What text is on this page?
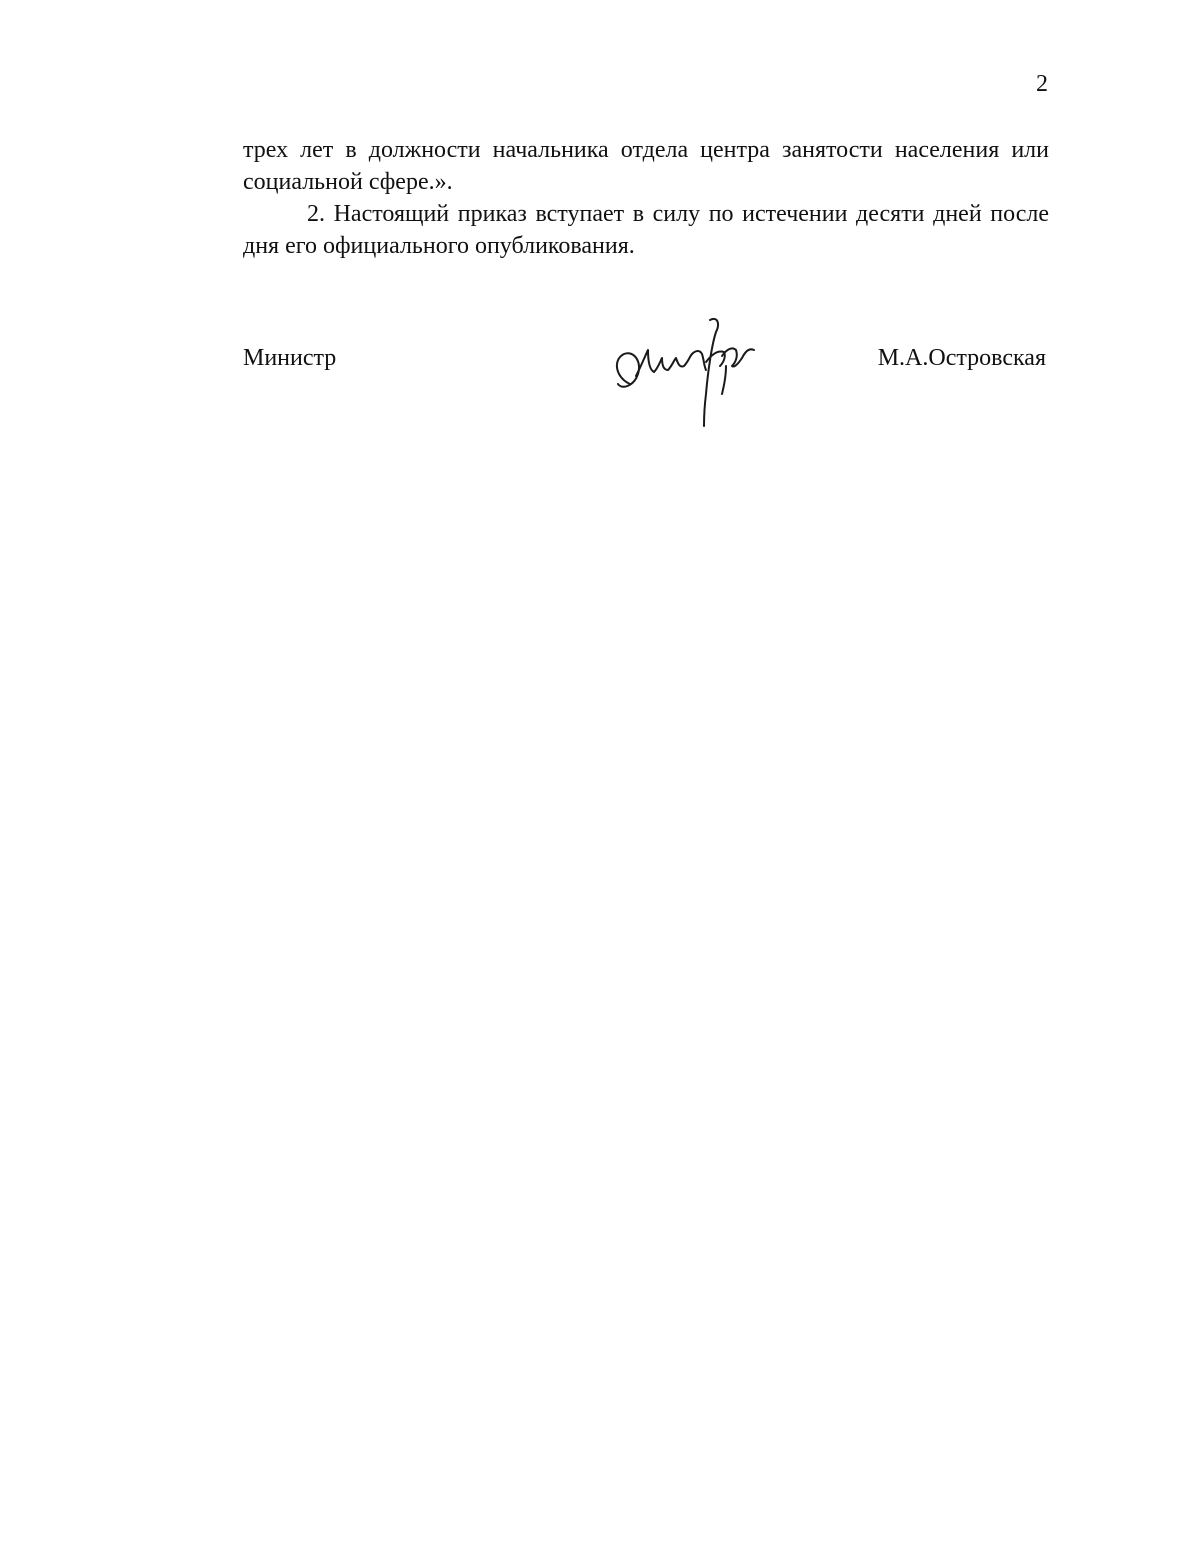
2

трех лет в должности начальника отдела центра занятости населения или социальной сфере.».

2. Настоящий приказ вступает в силу по истечении десяти дней после дня его официального опубликования.

Министр	М.А.Островская
